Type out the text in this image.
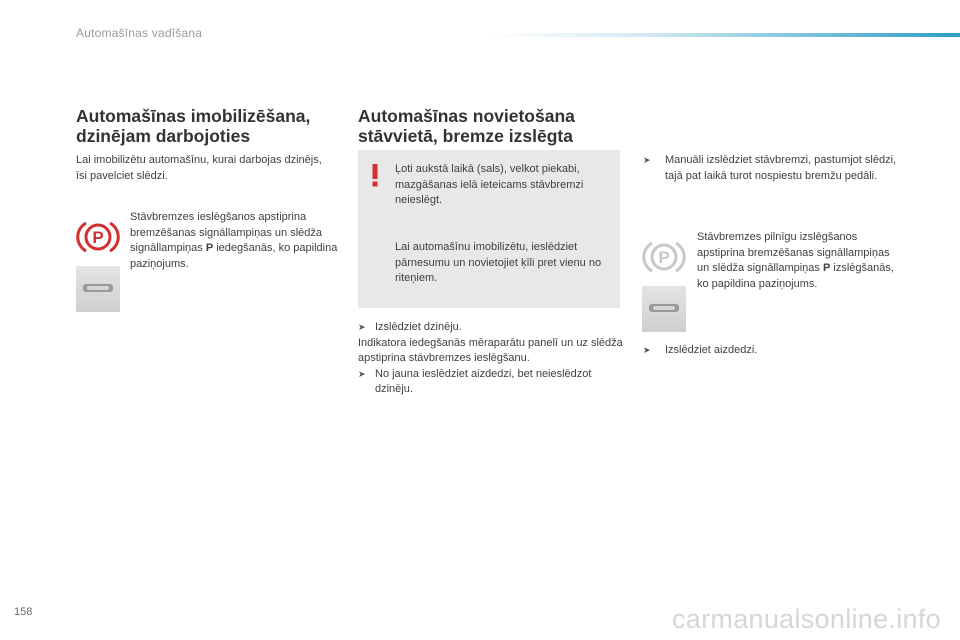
Automašīnas vadīšana
Automašīnas imobilizēšana,
dzinējam darbojoties

Lai imobilizētu automašīnu, kurai darbojas dzinējs, īsi pavelciet slēdzi.

P
Stāvbremzes ieslēgšanos apstiprina bremzēšanas signāllampiņas un slēdža signāllampiņas P iedegšanās, ko papildina paziņojums.
Automašīnas novietošana
stāvvietā, bremze izslēgta

Ļoti aukstā laikā (sals), velkot piekabi, mazgāšanas ielā ieteicams stāvbremzi neieslēgt.

Lai automašīnu imobilizētu, ieslēdziet pārnesumu un novietojiet ķīli pret vienu no riteņiem.

➤ Izslēdziet dzinēju.

Indikatora iedegšanās mēraparātu panelī un uz slēdža apstiprina stāvbremzes ieslēgšanu.

➤ No jauna ieslēdziet aizdedzi, bet neieslēdzot dzinēju.
➤	Manuāli izslēdziet stāvbremzi, pastumjot slēdzi, tajā pat laikā turot nospiestu bremžu pedāli.
P
Stāvbremzes pilnīgu izslēgšanos apstiprina bremzēšanas signāllampiņas un slēdža signāllampiņas P izslēgšanās, ko papildina paziņojums.
➤	Izslēdziet aizdedzi.
158	carmanualsonline.info
